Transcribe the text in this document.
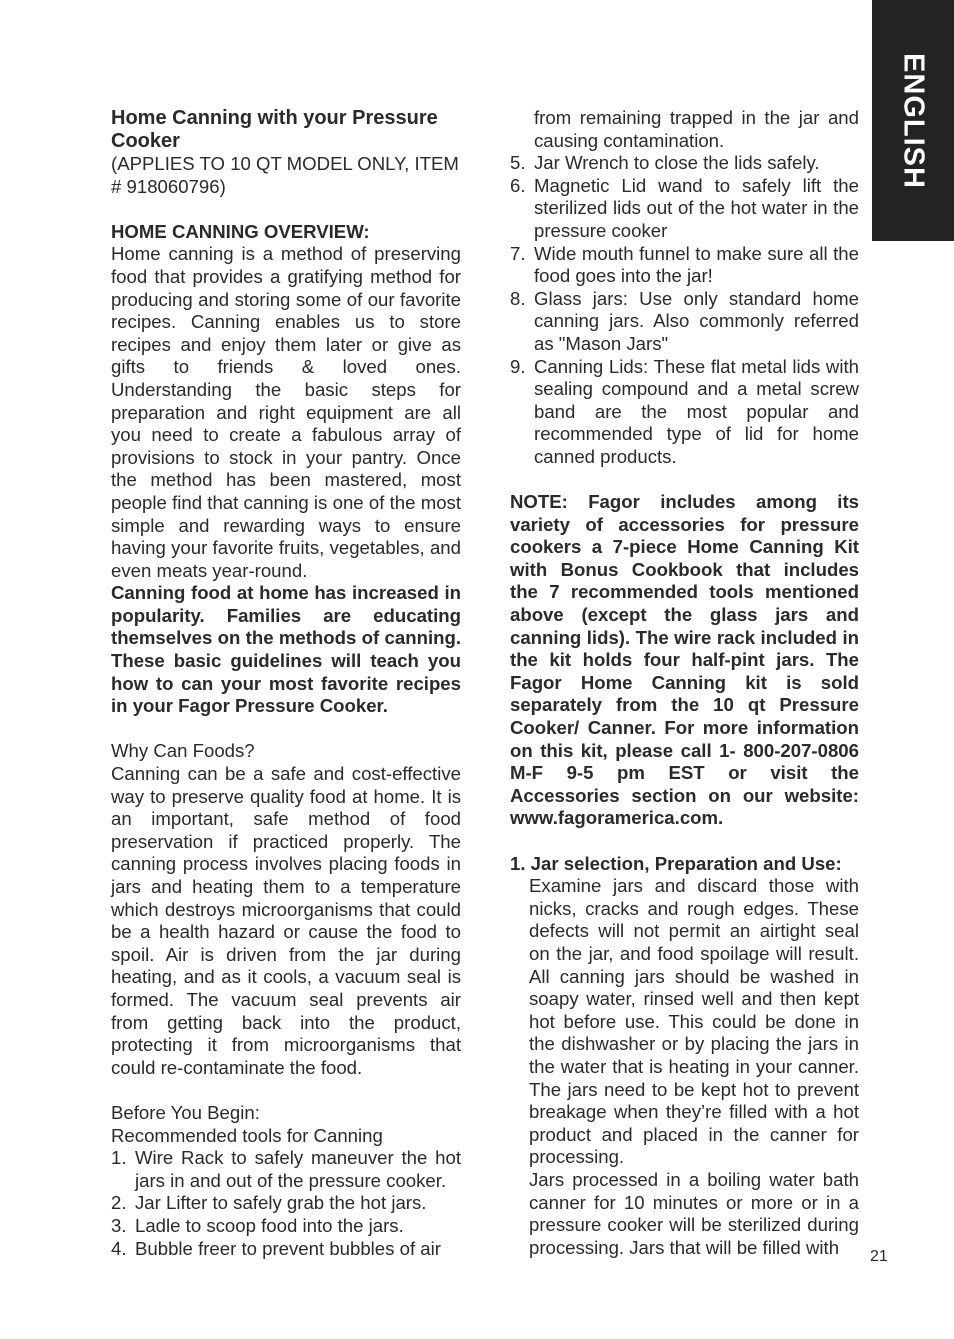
ENGLISH

Home Canning with your Pressure Cooker

(APPLIES TO 10 QT MODEL ONLY, ITEM # 918060796)

HOME CANNING OVERVIEW:

Home canning is a method of preserving food that provides a gratifying method for producing and storing some of our favorite recipes. Canning enables us to store recipes and enjoy them later or give as gifts to friends & loved ones. Understanding the basic steps for preparation and right equipment are all you need to create a fabulous array of provisions to stock in your pantry. Once the method has been mastered, most people find that canning is one of the most simple and rewarding ways to ensure having your favorite fruits, vegetables, and even meats year-round.

Canning food at home has increased in popularity. Families are educating themselves on the methods of canning. These basic guidelines will teach you how to can your most favorite recipes in your Fagor Pressure Cooker.

Why Can Foods?

Canning can be a safe and cost-effective way to preserve quality food at home. It is an important, safe method of food preservation if practiced properly. The canning process involves placing foods in jars and heating them to a temperature which destroys microorganisms that could be a health hazard or cause the food to spoil. Air is driven from the jar during heating, and as it cools, a vacuum seal is formed. The vacuum seal prevents air from getting back into the product, protecting it from microorganisms that could re-contaminate the food.

Before You Begin:

Recommended tools for Canning

1. Wire Rack to safely maneuver the hot jars in and out of the pressure cooker.
2. Jar Lifter to safely grab the hot jars.
3. Ladle to scoop food into the jars.
4. Bubble freer to prevent bubbles of air

from remaining trapped in the jar and causing contamination.

5. Jar Wrench to close the lids safely.
6. Magnetic Lid wand to safely lift the sterilized lids out of the hot water in the pressure cooker
7. Wide mouth funnel to make sure all the food goes into the jar!
8. Glass jars: Use only standard home canning jars. Also commonly referred as "Mason Jars"
9. Canning Lids: These flat metal lids with sealing compound and a metal screw band are the most popular and recommended type of lid for home canned products.

NOTE: Fagor includes among its variety of accessories for pressure cookers a 7-piece Home Canning Kit with Bonus Cookbook that includes the 7 recommended tools mentioned above (except the glass jars and canning lids). The wire rack included in the kit holds four half-pint jars. The Fagor Home Canning kit is sold separately from the 10 qt Pressure Cooker/ Canner. For more information on this kit, please call 1- 800-207-0806 M-F 9-5 pm EST or visit the Accessories section on our website: www.fagoramerica.com.

1. Jar selection, Preparation and Use:

Examine jars and discard those with nicks, cracks and rough edges. These defects will not permit an airtight seal on the jar, and food spoilage will result. All canning jars should be washed in soapy water, rinsed well and then kept hot before use. This could be done in the dishwasher or by placing the jars in the water that is heating in your canner. The jars need to be kept hot to prevent breakage when they’re filled with a hot product and placed in the canner for processing.

Jars processed in a boiling water bath canner for 10 minutes or more or in a pressure cooker will be sterilized during processing. Jars that will be filled with	21
